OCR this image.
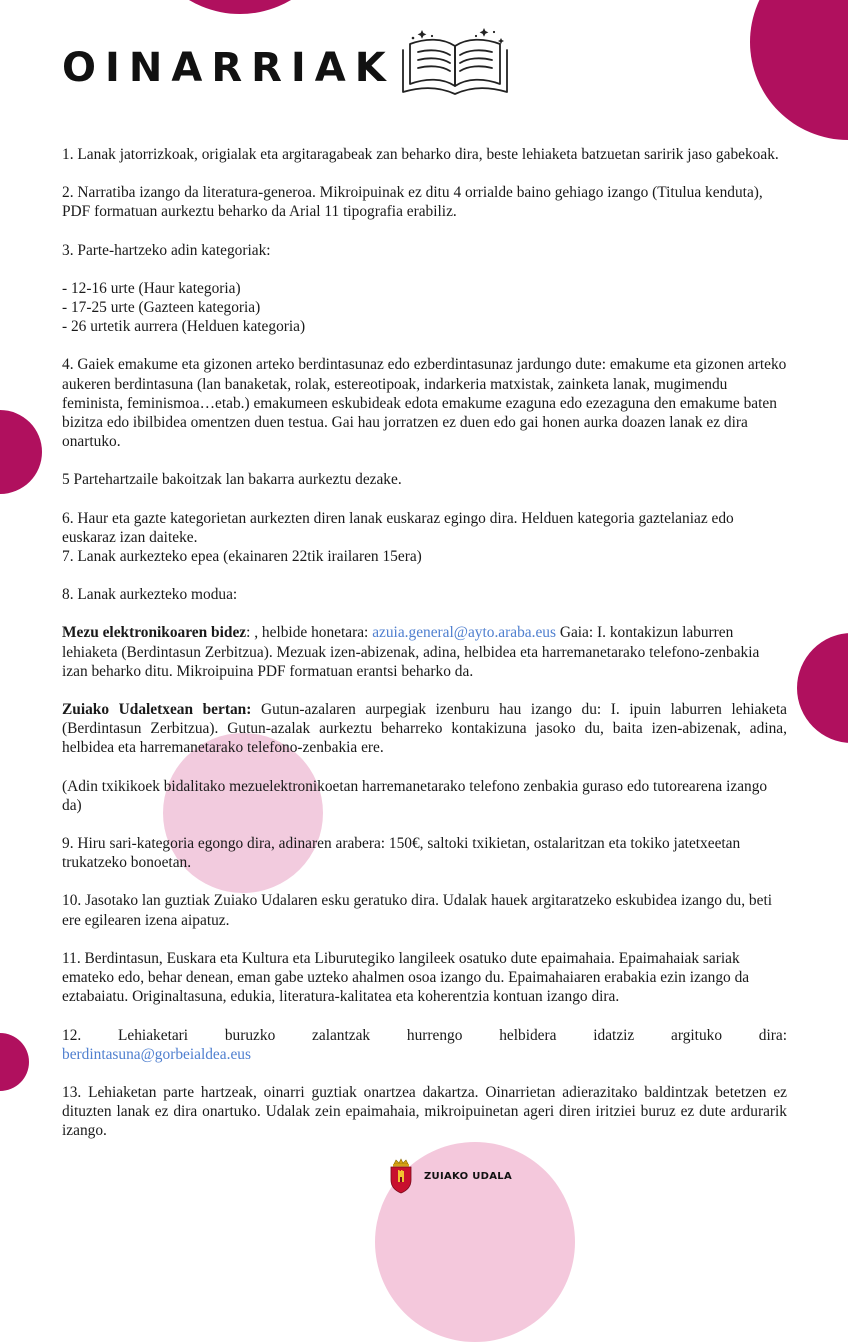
OINARRIAK

1. Lanak jatorrizkoak, origialak eta argitaragabeak zan beharko dira, beste lehiaketa batzuetan saririk jaso gabekoak.

2. Narratiba izango da literatura-generoa. Mikroipuinak ez ditu 4 orrialde baino gehiago izango (Titulua kenduta), PDF formatuan aurkeztu beharko da Arial 11 tipografia erabiliz.

3. Parte-hartzeko adin kategoriak:

- 12-16 urte (Haur kategoria)
- 17-25 urte (Gazteen kategoria)
- 26 urtetik aurrera (Helduen kategoria)

4. Gaiek emakume eta gizonen arteko berdintasunaz edo ezberdintasunaz jardungo dute: emakume eta gizonen arteko aukeren berdintasuna (lan banaketak, rolak, estereotipoak, indarkeria matxistak, zainketa lanak, mugimendu feminista, feminismoa…etab.) emakumeen eskubideak edota emakume ezaguna edo ezezaguna den emakume baten bizitza edo ibilbidea omentzen duen testua. Gai hau jorratzen ez duen edo gai honen aurka doazen lanak ez dira onartuko.

5 Partehartzaile bakoitzak lan bakarra aurkeztu dezake.

6. Haur eta gazte kategorietan aurkezten diren lanak euskaraz egingo dira. Helduen kategoria gaztelaniaz edo euskaraz izan daiteke.

7. Lanak aurkezteko epea (ekainaren 22tik irailaren 15era)

8. Lanak aurkezteko modua:

Mezu elektronikoaren bidez: , helbide honetara: azuia.general@ayto.araba.eus Gaia: I. kontakizun laburren lehiaketa (Berdintasun Zerbitzua). Mezuak izen-abizenak, adina, helbidea eta harremanetarako telefono-zenbakia izan beharko ditu. Mikroipuina PDF formatuan erantsi beharko da.

Zuiako Udaletxean bertan: Gutun-azalaren aurpegiak izenburu hau izango du: I. ipuin laburren lehiaketa (Berdintasun Zerbitzua). Gutun-azalak aurkeztu beharreko kontakizuna jasoko du, baita izen-abizenak, adina, helbidea eta harremanetarako telefono-zenbakia ere.

(Adin txikikoek bidalitako mezuelektronikoetan harremanetarako telefono zenbakia guraso edo tutorearena izango da)

9. Hiru sari-kategoria egongo dira, adinaren arabera: 150€, saltoki txikietan, ostalaritzan eta tokiko jatetxeetan trukatzeko bonoetan.

10. Jasotako lan guztiak Zuiako Udalaren esku geratuko dira. Udalak hauek argitaratzeko eskubidea izango du, beti ere egilearen izena aipatuz.

11. Berdintasun, Euskara eta Kultura eta Liburutegiko langileek osatuko dute epaimahaia. Epaimahaiak sariak emateko edo, behar denean, eman gabe uzteko ahalmen osoa izango du. Epaimahaiaren erabakia ezin izango da eztabaiatu. Originaltasuna, edukia, literatura-kalitatea eta koherentzia kontuan izango dira.

12. Lehiaketari buruzko zalantzak hurrengo helbidera idatziz argituko dira:
berdintasuna@gorbeialdea.eus

13. Lehiaketan parte hartzeak, oinarri guztiak onartzea dakartza. Oinarrietan adierazitako baldintzak betetzen ez dituzten lanak ez dira onartuko. Udalak zein epaimahaia, mikroipuinetan ageri diren iritziei buruz ez dute ardurarik izango.

ZUIAKO UDALA
